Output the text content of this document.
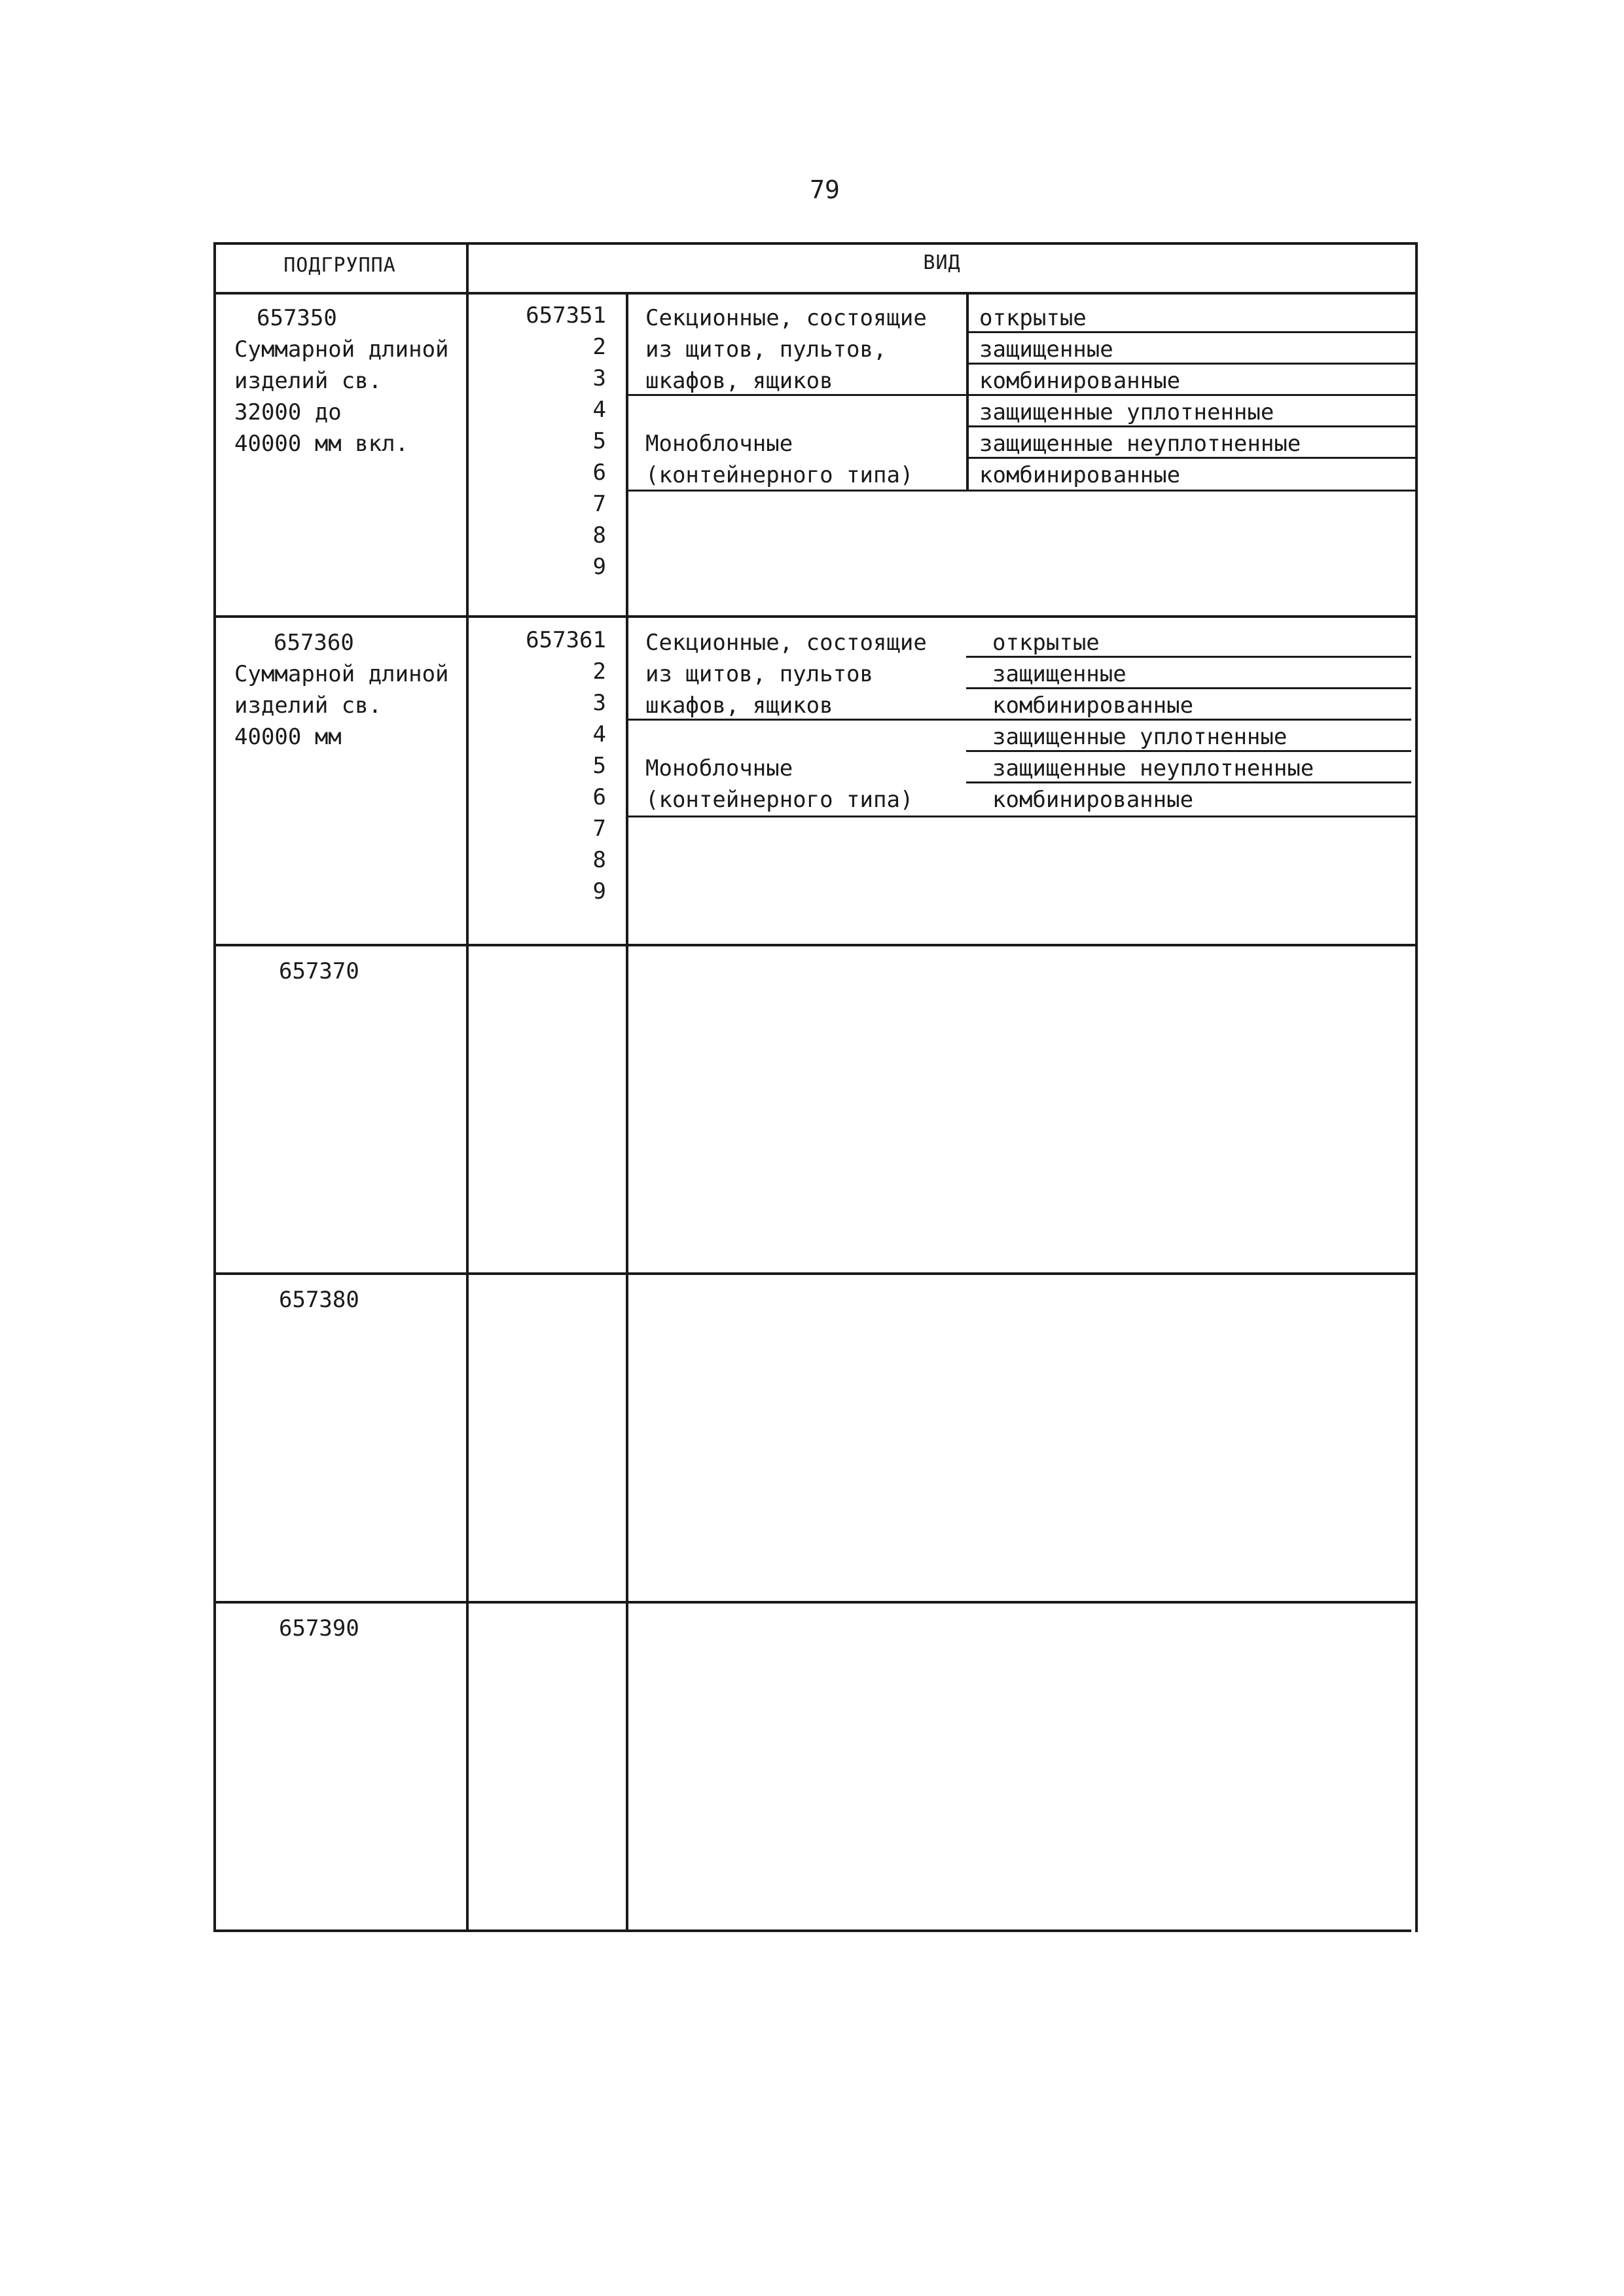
79
ПОДГРУППА	ВИД
657350
Суммарной длиной
изделий св.
32000 до
40000 мм вкл.
657351
2
3
4
5
6
7
8
9
Секционные, состоящие
из щитов, пультов,
шкафов, ящиков
Моноблочные
(контейнерного типа)
открытые
защищенные
комбинированные
защищенные уплотненные
защищенные неуплотненные
комбинированные
657360
Суммарной длиной
изделий св.
40000 мм
657361
2
3
4
5
6
7
8
9
Секционные, состоящие
из щитов, пультов
шкафов, ящиков
Моноблочные
(контейнерного типа)
открытые
защищенные
комбинированные
защищенные уплотненные
защищенные неуплотненные
комбинированные
657370
657380
657390
